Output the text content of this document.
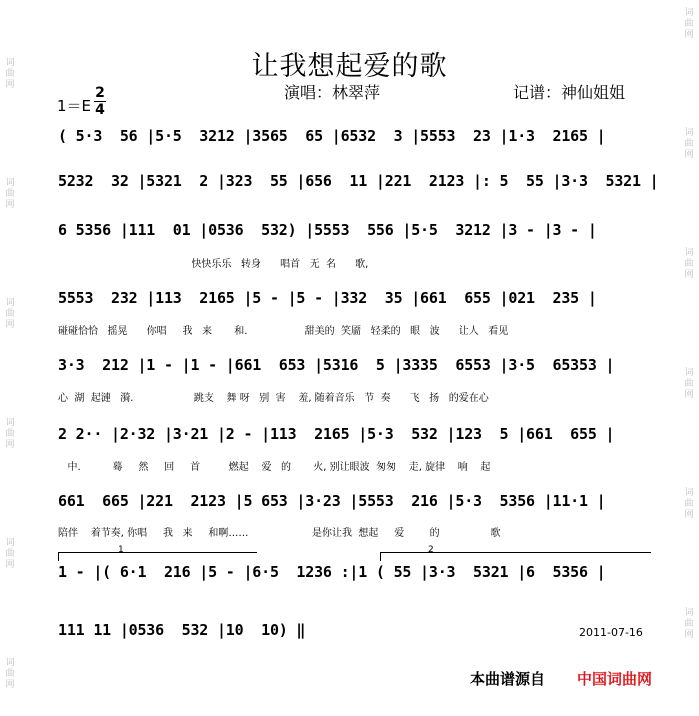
词
曲
网
词
曲
网
词
曲
网
词
曲
网
词
曲
网
词
曲
网
词
曲
网
词
曲
网
词
曲
网
词
曲
网
词
曲
网
词
曲
网
让我想起爱的歌
1＝E
2
4
演唱：林翠萍	记谱：神仙姐姐
( 5·3  56 |5·5  3212 |3565  65 |6532  3 |5553  23 |1·3  2165 |
5232  32 |5321  2 |323  55 |656  11 |221  2123 |: 5  55 |3·3  5321 |
6 5356 |111  01 |0536  532) |5553  556 |5·5  3212 |3 - |3 - |
快快乐乐   转身      唱首   无  名      歌,
5553  232 |113  2165 |5 - |5 - |332  35 |661  655 |021  235 |
碰碰恰恰   摇晃      你唱     我   来       和.                  甜美的  笑靥   轻柔的   眼   波      让人   看见
3·3  212 |1 - |1 - |661  653 |5316  5 |3335  6553 |3·5  65353 |
心  湖  起漣   漪.                   跳支    舞 呀   别  害    羞, 随着音乐   节  奏      飞   扬   的爱在心
2 2·· |2·32 |3·21 |2 - |113  2165 |5·3  532 |123  5 |661  655 |
中.          蓦     然     回     首         燃起    爱   的       火, 别让眼波  匆匆    走, 旋律    响    起
661  665 |221  2123 |5 653 |3·23 |5553  216 |5·3  5356 |11·1 |
陪伴    着节奏, 你唱     我   来     和啊……                    是你让我  想起     爱        的                歌
1	2
1 - |( 6·1  216 |5 - |6·5  1236 :|1 ( 55 |3·3  5321 |6  5356 |
111 11 |0536  532 |10  10) ‖	2011-07-16
本曲谱源自 中国词曲网
